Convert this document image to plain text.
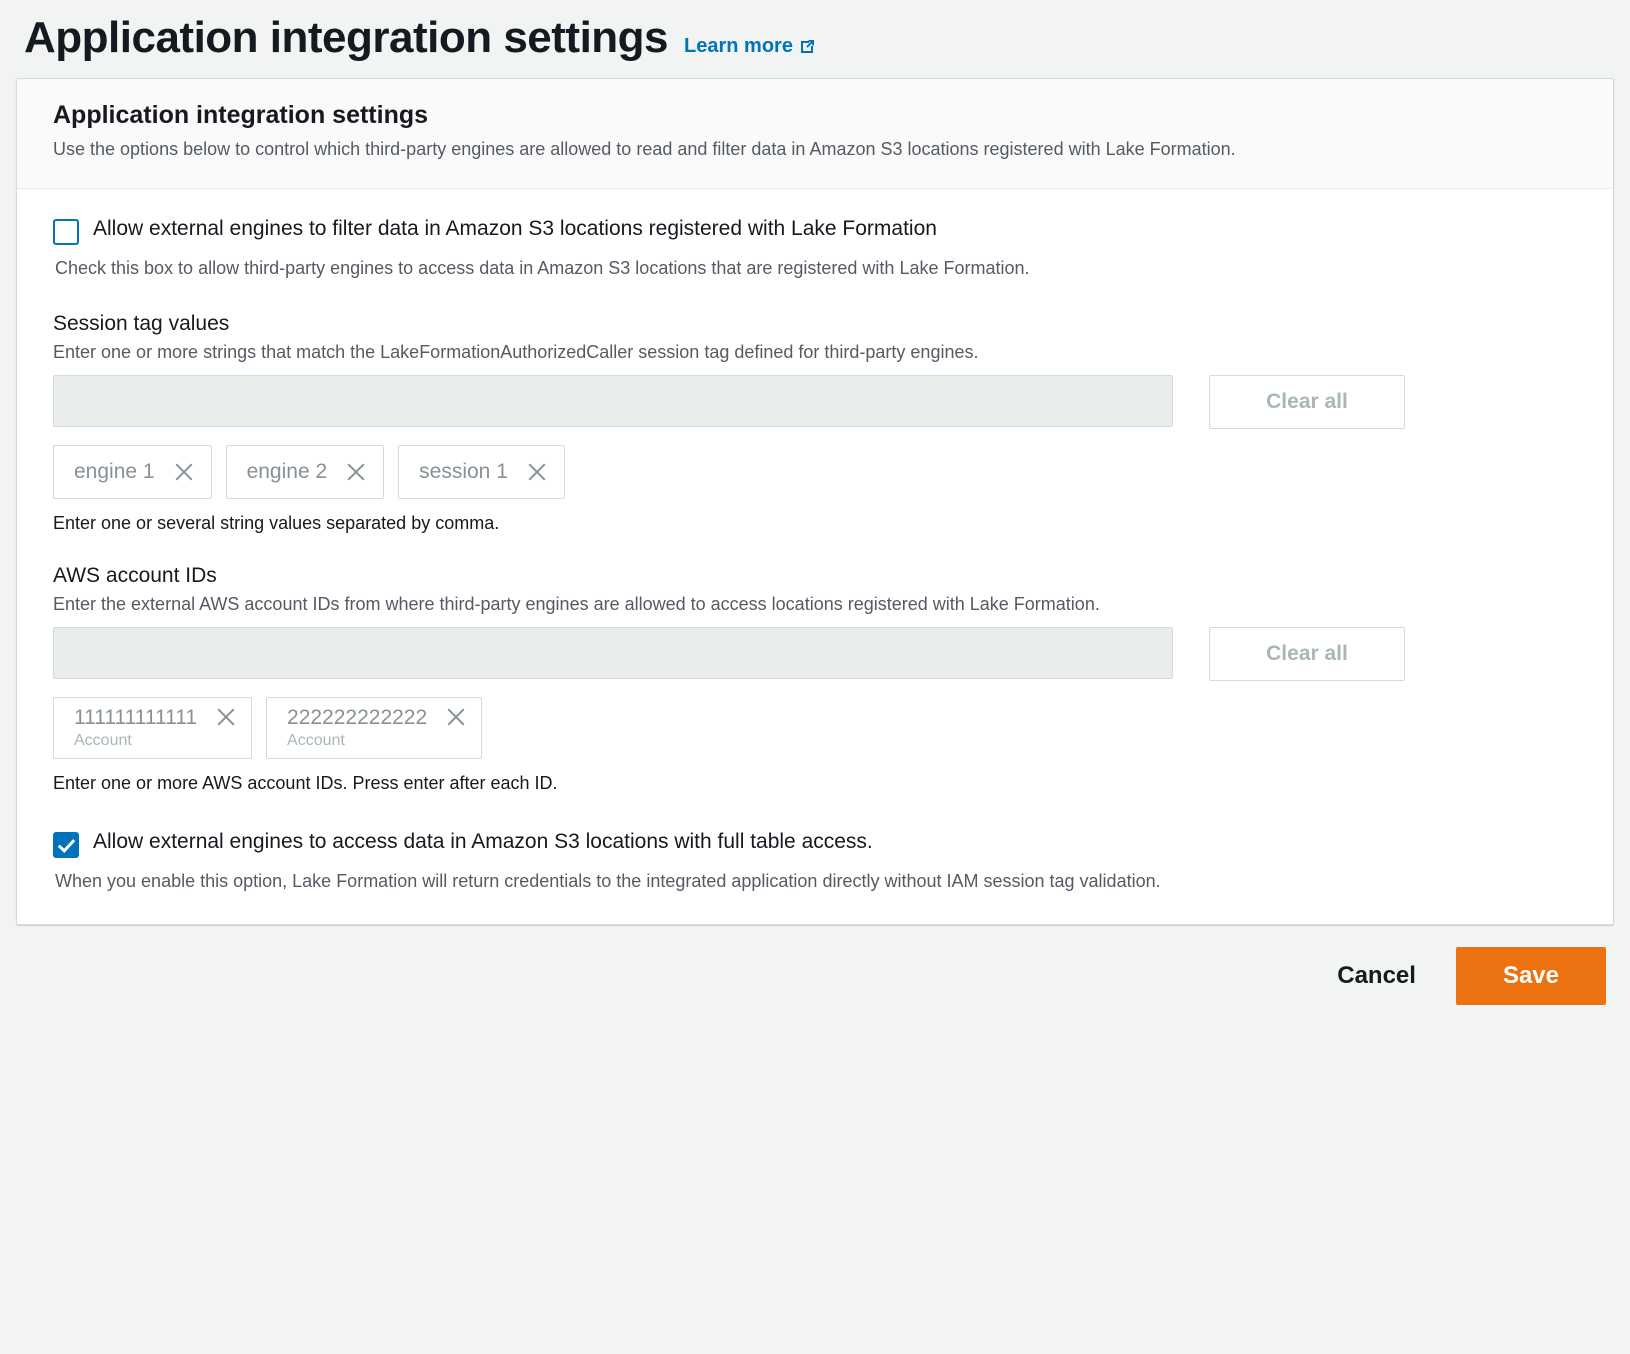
Application integration settings Learn more
Application integration settings

Use the options below to control which third-party engines are allowed to read and filter data in Amazon S3 locations registered with Lake Formation.

Allow external engines to filter data in Amazon S3 locations registered with Lake Formation

Check this box to allow third-party engines to access data in Amazon S3 locations that are registered with Lake Formation.

Session tag values
Enter one or more strings that match the LakeFormationAuthorizedCaller session tag defined for third-party engines.
Clear all
engine 1	engine 2	session 1
Enter one or several string values separated by comma.
AWS account IDs
Enter the external AWS account IDs from where third-party engines are allowed to access locations registered with Lake Formation.
Clear all
111111111111
Account
222222222222
Account
Enter one or more AWS account IDs. Press enter after each ID.
Allow external engines to access data in Amazon S3 locations with full table access.

When you enable this option, Lake Formation will return credentials to the integrated application directly without IAM session tag validation.

Cancel	Save
